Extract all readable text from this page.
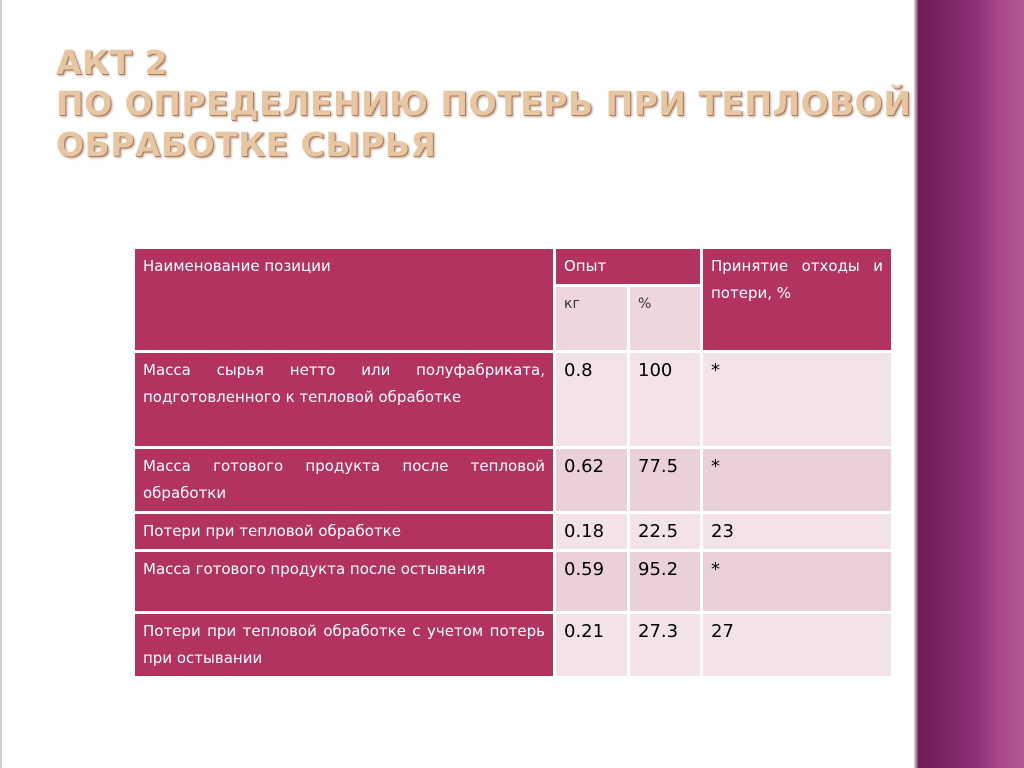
АКТ 2
ПО ОПРЕДЕЛЕНИЮ ПОТЕРЬ ПРИ ТЕПЛОВОЙ
ОБРАБОТКЕ СЫРЬЯ
Наименование позиции	Опыт		Принятие отходы и потери, %
	кг	%	
Масса сырья нетто или полуфабриката, подготовленного к тепловой обработке	0.8	100	*
Масса готового продукта после тепловой обработки	0.62	77.5	*
Потери при тепловой обработке	0.18	22.5	23
Масса готового продукта после остывания	0.59	95.2	*
Потери при тепловой обработке с учетом потерь при остывании	0.21	27.3	27
